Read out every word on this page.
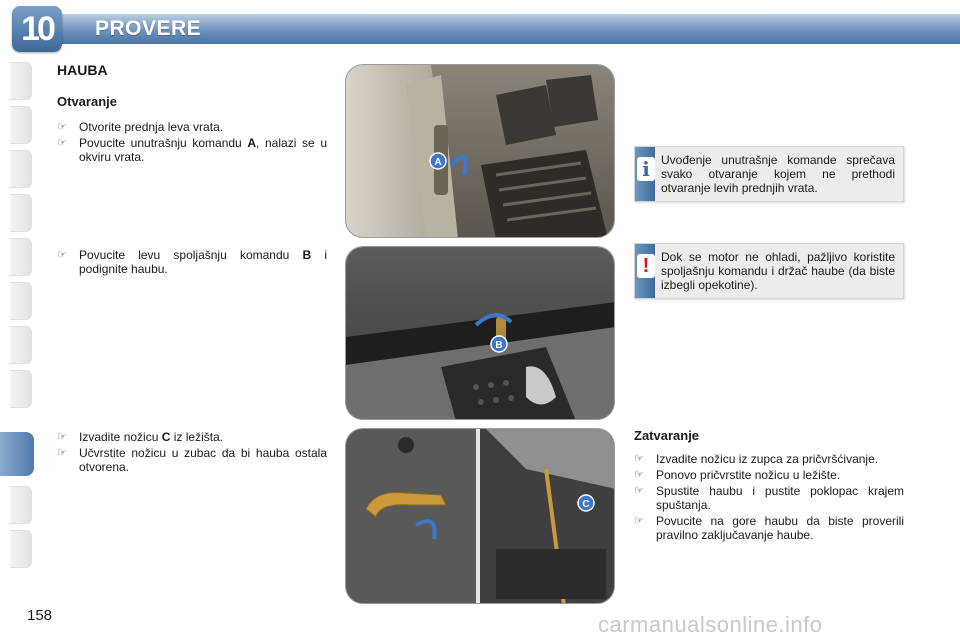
10	PROVERE
HAUBA
Otvaranje
☞ Otvorite prednja leva vrata.
☞ Povucite unutrašnju komandu A, nalazi se u okviru vrata.
☞ Povucite levu spoljašnju komandu B i podignite haubu.
☞ Izvadite nožicu C iz ležišta.
☞ Učvrstite nožicu u zubac da bi haubа ostala otvorena.
A
B
C
i Uvođenje unutrašnje komande sprečava svako otvaranje kojem ne prethodi otvaranje levih prednjih vrata.
! Dok se motor ne ohladi, pažljivo koristite spoljašnju komandu i držač haube (da biste izbegli opekotine).
Zatvaranje
☞ Izvadite nožicu iz zupca za pričvršćivanje.
☞ Ponovo pričvrstite nožicu u ležište.
☞ Spustite haubu i pustite poklopac krajem spuštanja.
☞ Povucite na gore haubu da biste proverili pravilno zaključavanje haube.
158	carmanualsonline.info
